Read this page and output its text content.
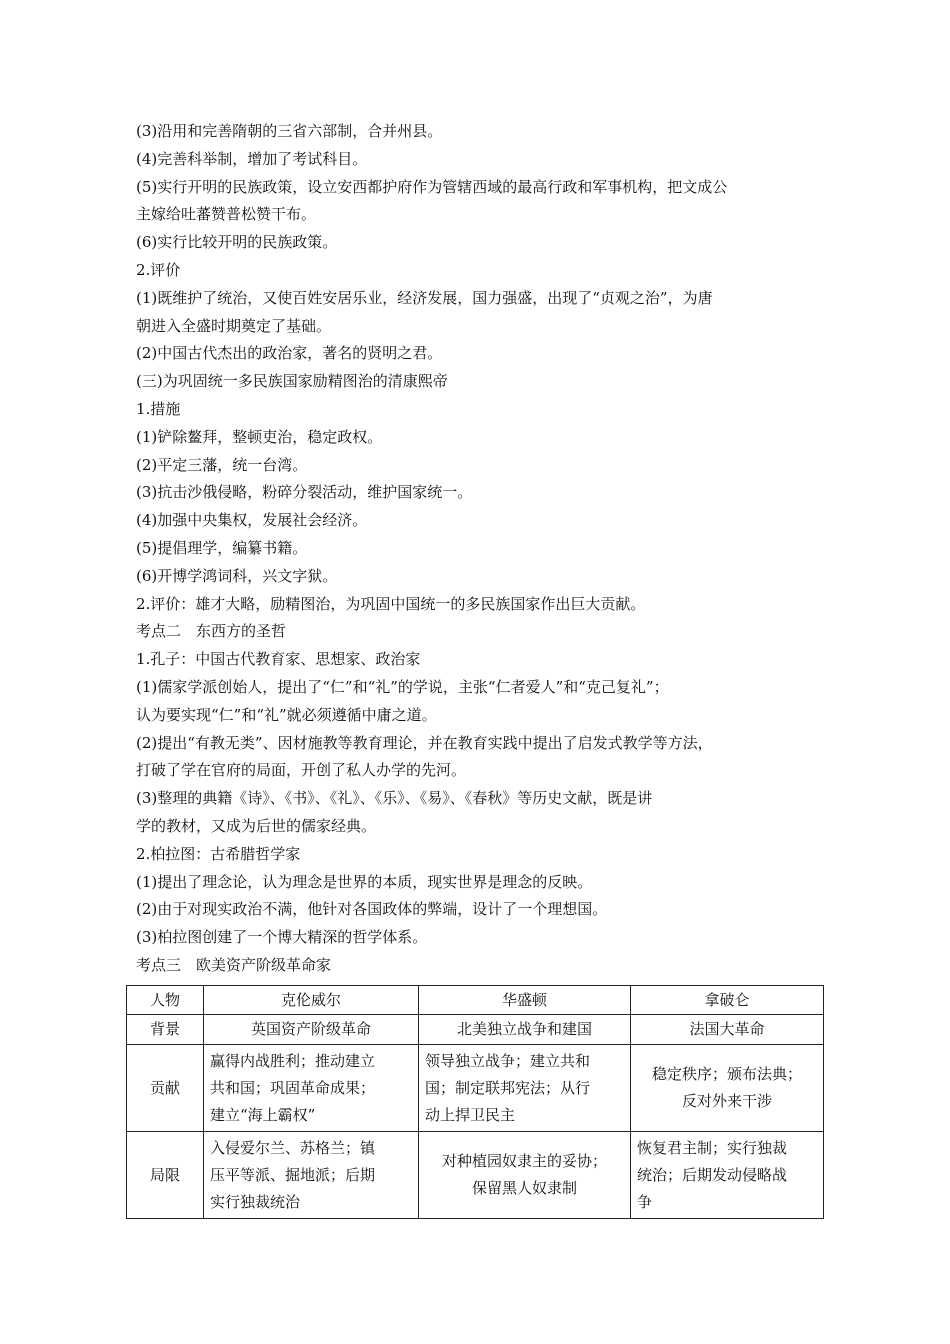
(3)沿用和完善隋朝的三省六部制，合并州县。
(4)完善科举制，增加了考试科目。
(5)实行开明的民族政策，设立安西都护府作为管辖西域的最高行政和军事机构，把文成公
主嫁给吐蕃赞普松赞干布。
(6)实行比较开明的民族政策。
2.评价
(1)既维护了统治，又使百姓安居乐业，经济发展，国力强盛，出现了“贞观之治”，为唐
朝进入全盛时期奠定了基础。
(2)中国古代杰出的政治家，著名的贤明之君。
(三)为巩固统一多民族国家励精图治的清康熙帝
1.措施
(1)铲除鳌拜，整顿吏治，稳定政权。
(2)平定三藩，统一台湾。
(3)抗击沙俄侵略，粉碎分裂活动，维护国家统一。
(4)加强中央集权，发展社会经济。
(5)提倡理学，编纂书籍。
(6)开博学鸿词科，兴文字狱。
2.评价：雄才大略，励精图治，为巩固中国统一的多民族国家作出巨大贡献。
考点二　东西方的圣哲
1.孔子：中国古代教育家、思想家、政治家
(1)儒家学派创始人，提出了“仁”和“礼”的学说，主张“仁者爱人”和“克己复礼”；
认为要实现“仁”和“礼”就必须遵循中庸之道。
(2)提出“有教无类”、因材施教等教育理论，并在教育实践中提出了启发式教学等方法，
打破了学在官府的局面，开创了私人办学的先河。
(3)整理的典籍《诗》、《书》、《礼》、《乐》、《易》、《春秋》等历史文献，既是讲
学的教材，又成为后世的儒家经典。
2.柏拉图：古希腊哲学家
(1)提出了理念论，认为理念是世界的本质，现实世界是理念的反映。
(2)由于对现实政治不满，他针对各国政体的弊端，设计了一个理想国。
(3)柏拉图创建了一个博大精深的哲学体系。
考点三　欧美资产阶级革命家
人物	克伦威尔	华盛顿	拿破仑
背景	英国资产阶级革命	北美独立战争和建国	法国大革命
贡献	赢得内战胜利；推动建立
共和国；巩固革命成果；
建立“海上霸权”	领导独立战争；建立共和
国；制定联邦宪法；从行
动上捍卫民主	稳定秩序；颁布法典；
反对外来干涉

局限	入侵爱尔兰、苏格兰；镇
压平等派、掘地派；后期
实行独裁统治	对种植园奴隶主的妥协；
保留黑人奴隶制	恢复君主制；实行独裁
统治；后期发动侵略战
争
